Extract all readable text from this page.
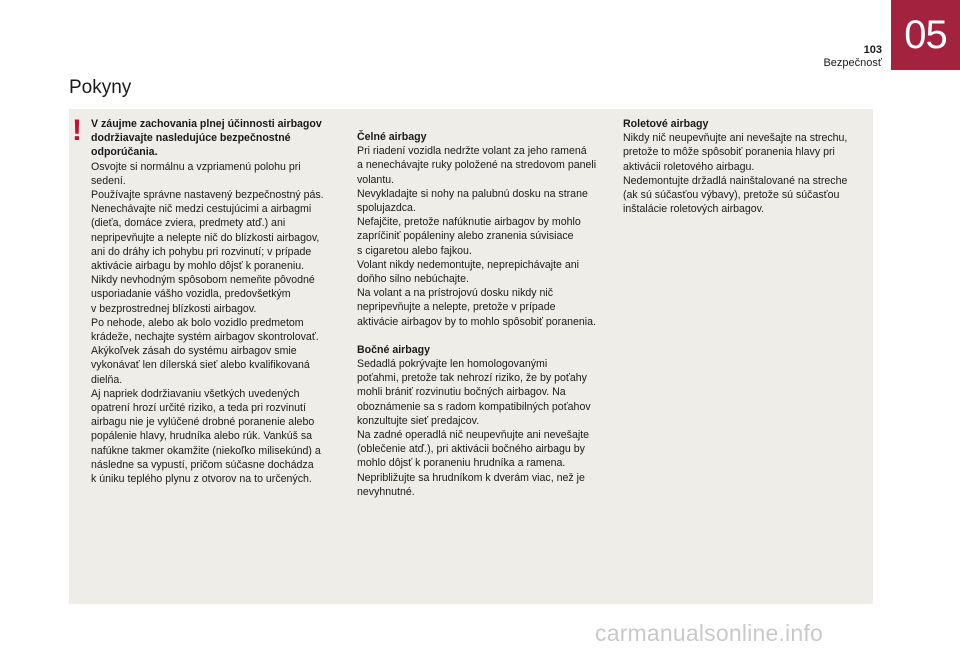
05
103
Bezpečnosť
Pokyny
! V záujme zachovania plnej účinnosti airbagov

dodržiavajte nasledujúce bezpečnostné

odporúčania.

Osvojte si normálnu a vzpriamenú polohu pri

sedení.

Používajte správne nastavený bezpečnostný pás.

Nenechávajte nič medzi cestujúcimi a airbagmi

(dieťa, domáce zviera, predmety atď.) ani

nepripevňujte a nelepte nič do blízkosti airbagov,

ani do dráhy ich pohybu pri rozvinutí; v prípade

aktivácie airbagu by mohlo dôjsť k poraneniu.

Nikdy nevhodným spôsobom nemeňte pôvodné

usporiadanie vášho vozidla, predovšetkým

v bezprostrednej blízkosti airbagov.

Po nehode, alebo ak bolo vozidlo predmetom

krádeže, nechajte systém airbagov skontrolovať.

Akýkoľvek zásah do systému airbagov smie

vykonávať len dílerská sieť alebo kvalifikovaná

dielňa.

Aj napriek dodržiavaniu všetkých uvedených

opatrení hrozí určité riziko, a teda pri rozvinutí

airbagu nie je vylúčené drobné poranenie alebo

popálenie hlavy, hrudníka alebo rúk. Vankúš sa

nafúkne takmer okamžite (niekoľko milisekúnd) a

následne sa vypustí, pričom súčasne dochádza

k úniku teplého plynu z otvorov na to určených.

Čelné airbagy

Pri riadení vozidla nedržte volant za jeho ramená

a nenechávajte ruky položené na stredovom paneli

volantu.

Nevykladajte si nohy na palubnú dosku na strane

spolujazdca.

Nefajčite, pretože nafúknutie airbagov by mohlo

zapríčiniť popáleniny alebo zranenia súvisiace

s cigaretou alebo fajkou.

Volant nikdy nedemontujte, neprepichávajte ani

doňho silno nebúchajte.

Na volant a na prístrojovú dosku nikdy nič

nepripevňujte a nelepte, pretože v prípade

aktivácie airbagov by to mohlo spôsobiť poranenia.

Bočné airbagy

Sedadlá pokrývajte len homologovanými

poťahmi, pretože tak nehrozí riziko, že by poťahy

mohli brániť rozvinutiu bočných airbagov. Na

oboznámenie sa s radom kompatibilných poťahov

konzultujte sieť predajcov.

Na zadné operadlá nič neupevňujte ani nevešajte

(oblečenie atď.), pri aktivácii bočného airbagu by

mohlo dôjsť k poraneniu hrudníka a ramena.

Nepribližujte sa hrudníkom k dverám viac, než je

nevyhnutné.

Roletové airbagy

Nikdy nič neupevňujte ani nevešajte na strechu,

pretože to môže spôsobiť poranenia hlavy pri

aktivácii roletového airbagu.

Nedemontujte držadlá nainštalované na streche

(ak sú súčasťou výbavy), pretože sú súčasťou

inštalácie roletových airbagov.

carmanualsonline.info
